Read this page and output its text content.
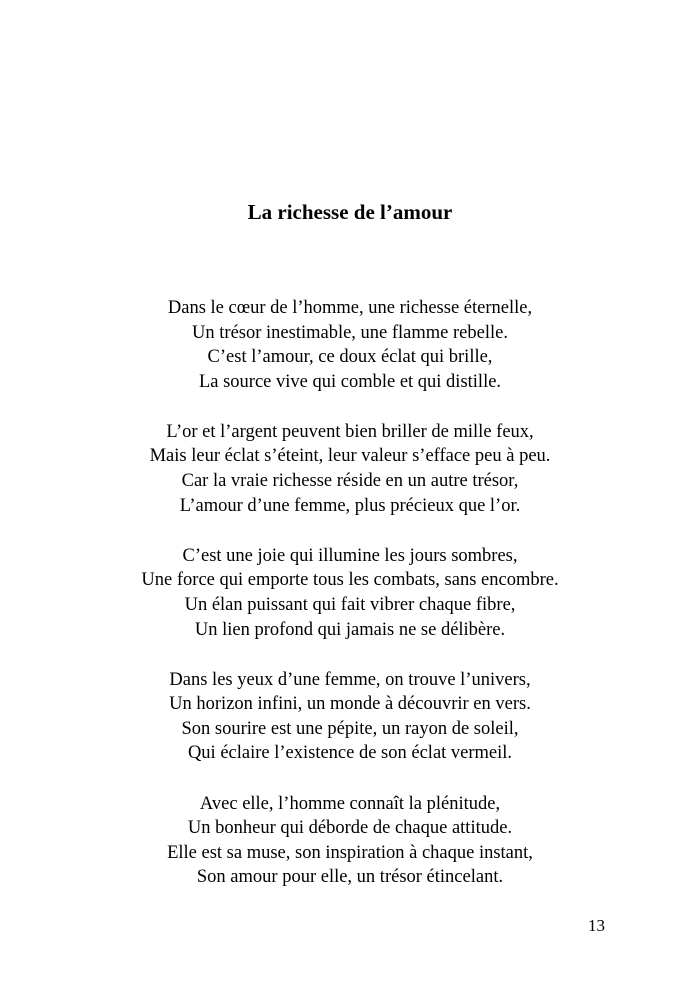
La richesse de l’amour
Dans le cœur de l’homme, une richesse éternelle,
Un trésor inestimable, une flamme rebelle.
C’est l’amour, ce doux éclat qui brille,
La source vive qui comble et qui distille.
L’or et l’argent peuvent bien briller de mille feux,
Mais leur éclat s’éteint, leur valeur s’efface peu à peu.
Car la vraie richesse réside en un autre trésor,
L’amour d’une femme, plus précieux que l’or.
C’est une joie qui illumine les jours sombres,
Une force qui emporte tous les combats, sans encombre.
Un élan puissant qui fait vibrer chaque fibre,
Un lien profond qui jamais ne se délibère.
Dans les yeux d’une femme, on trouve l’univers,
Un horizon infini, un monde à découvrir en vers.
Son sourire est une pépite, un rayon de soleil,
Qui éclaire l’existence de son éclat vermeil.
Avec elle, l’homme connaît la plénitude,
Un bonheur qui déborde de chaque attitude.
Elle est sa muse, son inspiration à chaque instant,
Son amour pour elle, un trésor étincelant.
13
